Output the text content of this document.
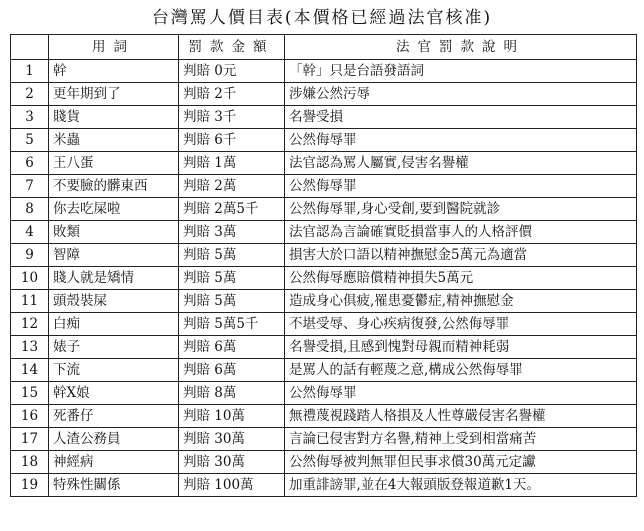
台灣罵人價目表(本價格已經過法官核准)
	用詞	罰款金額	法官罰款說明
1	幹	判賠 0元	「幹」只是台語發語詞
2	更年期到了	判賠 2千	涉嫌公然污辱
3	賤貨	判賠 3千	名譽受損
5	米蟲	判賠 6千	公然侮辱罪
6	王八蛋	判賠 1萬	法官認為罵人屬實,侵害名譽權
7	不要臉的髒東西	判賠 2萬	公然侮辱罪
8	你去吃屎啦	判賠 2萬5千	公然侮辱罪,身心受創,要到醫院就診
4	敗類	判賠 3萬	法官認為言論確實貶損當事人的人格評價
9	智障	判賠 5萬	損害大於口語以精神撫慰金5萬元為適當
10	賤人就是矯情	判賠 5萬	公然侮辱應賠償精神損失5萬元
11	頭殼裝屎	判賠 5萬	造成身心俱疲,罹患憂鬱症,精神撫慰金
12	白痴	判賠 5萬5千	不堪受辱、身心疾病復發,公然侮辱罪
13	婊子	判賠 6萬	名譽受損,且感到愧對母親而精神耗弱
14	下流	判賠 6萬	是罵人的話有輕蔑之意,構成公然侮辱罪
15	幹X娘	判賠 8萬	公然侮辱罪
16	死番仔	判賠 10萬	無禮蔑視踐踏人格損及人性尊嚴侵害名譽權
17	人渣公務員	判賠 30萬	言論已侵害對方名譽,精神上受到相當痛苦
18	神經病	判賠 30萬	公然侮辱被判無罪但民事求償30萬元定讞
19	特殊性關係	判賠 100萬	加重誹謗罪,並在4大報頭版登報道歉1天。
